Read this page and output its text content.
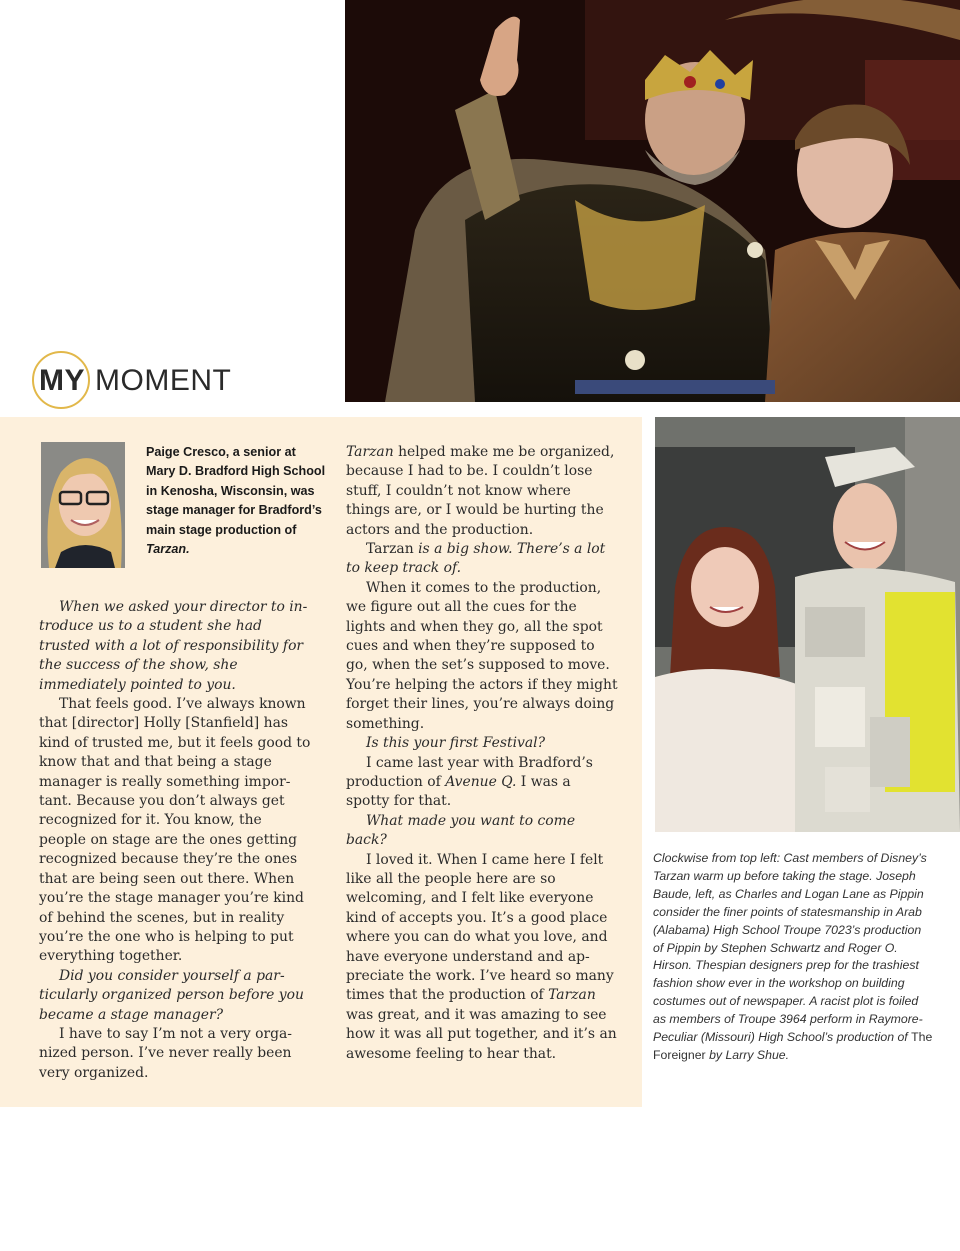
MY MOMENT
Paige Cresco, a senior at Mary D. Bradford High School in Kenosha, Wisconsin, was stage manager for Bradford’s main stage production of Tarzan.

When we asked your director to introduce us to a student she had trusted with a lot of responsibility for the success of the show, she immediately pointed to you.

That feels good. I’ve always known that [director] Holly [Stanfield] has kind of trusted me, but it feels good to know that and that being a stage manager is really something important. Because you don’t always get recognized for it. You know, the people on stage are the ones getting recognized because they’re the ones that are being seen out there. When you’re the stage manager you’re kind of behind the scenes, but in reality you’re the one who is helping to put everything together.

Did you consider yourself a particularly organized person before you became a stage manager?

I have to say I’m not a very organized person. I’ve never really been very organized.

Tarzan helped make me be organized, because I had to be. I couldn’t lose stuff, I couldn’t not know where things are, or I would be hurting the actors and the production.

Tarzan is a big show. There’s a lot to keep track of.

When it comes to the production, we figure out all the cues for the lights and when they go, all the spot cues and when they’re supposed to go, when the set’s supposed to move. You’re helping the actors if they might forget their lines, you’re always doing something.

Is this your first Festival?

I came last year with Bradford’s production of Avenue Q. I was a spotty for that.

What made you want to come back?

I loved it. When I came here I felt like all the people here are so welcoming, and I felt like everyone kind of accepts you. It’s a good place where you can do what you love, and have everyone understand and appreciate the work. I’ve heard so many times that the production of Tarzan was great, and it was amazing to see how it was all put together, and it’s an awesome feeling to hear that.

Clockwise from top left: Cast members of Disney’s Tarzan warm up before taking the stage. Joseph Baude, left, as Charles and Logan Lane as Pippin consider the finer points of statesmanship in Arab (Alabama) High School Troupe 7023’s production of Pippin by Stephen Schwartz and Roger O. Hirson. Thespian designers prep for the trashiest fashion show ever in the workshop on building costumes out of newspaper. A racist plot is foiled as members of Troupe 3964 perform in Raymore-Peculiar (Missouri) High School’s production of The Foreigner by Larry Shue.
